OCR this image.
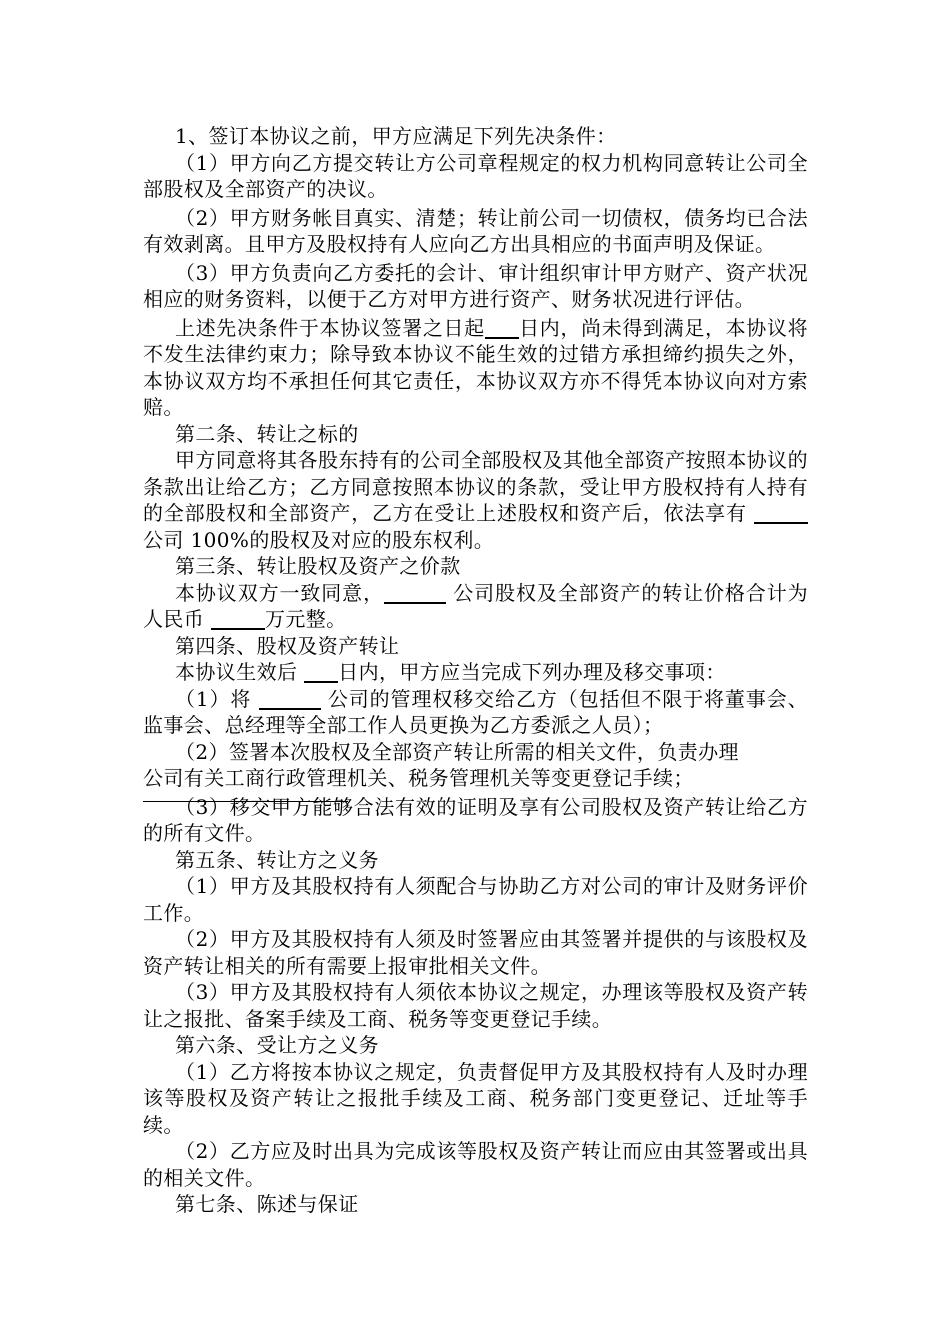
1、签订本协议之前，甲方应满足下列先决条件：

（1）甲方向乙方提交转让方公司章程规定的权力机构同意转让公司全部股权及全部资产的决议。

（2）甲方财务帐目真实、清楚；转让前公司一切债权，债务均已合法有效剥离。且甲方及股权持有人应向乙方出具相应的书面声明及保证。

（3）甲方负责向乙方委托的会计、审计组织审计甲方财产、资产状况相应的财务资料，以便于乙方对甲方进行资产、财务状况进行评估。

上述先决条件于本协议签署之日起 日内，尚未得到满足，本协议将不发生法律约束力；除导致本协议不能生效的过错方承担缔约损失之外，本协议双方均不承担任何其它责任，本协议双方亦不得凭本协议向对方索赔。

第二条、转让之标的

甲方同意将其各股东持有的公司全部股权及其他全部资产按照本协议的条款出让给乙方；乙方同意按照本协议的条款，受让甲方股权持有人持有的全部股权和全部资产，乙方在受让上述股权和资产后，依法享有  公司 100%的股权及对应的股东权利。

第三条、转让股权及资产之价款

本协议双方一致同意，	公司股权及全部资产的转让价格合计为人民币	万元整。

第四条、股权及资产转让

本协议生效后 日内，甲方应当完成下列办理及移交事项：

（1）将	公司的管理权移交给乙方（包括但不限于将董事会、监事会、总经理等全部工作人员更换为乙方委派之人员）；

（2）签署本次股权及全部资产转让所需的相关文件，负责办理
公司有关工商行政管理机关、税务管理机关等变更登记手续；

（3）移交甲方能够合法有效的证明及享有公司股权及资产转让给乙方的所有文件。

第五条、转让方之义务

（1）甲方及其股权持有人须配合与协助乙方对公司的审计及财务评价工作。

（2）甲方及其股权持有人须及时签署应由其签署并提供的与该股权及资产转让相关的所有需要上报审批相关文件。

（3）甲方及其股权持有人须依本协议之规定，办理该等股权及资产转让之报批、备案手续及工商、税务等变更登记手续。

第六条、受让方之义务

（1）乙方将按本协议之规定，负责督促甲方及其股权持有人及时办理该等股权及资产转让之报批手续及工商、税务部门变更登记、迁址等手续。

（2）乙方应及时出具为完成该等股权及资产转让而应由其签署或出具的相关文件。

第七条、陈述与保证
